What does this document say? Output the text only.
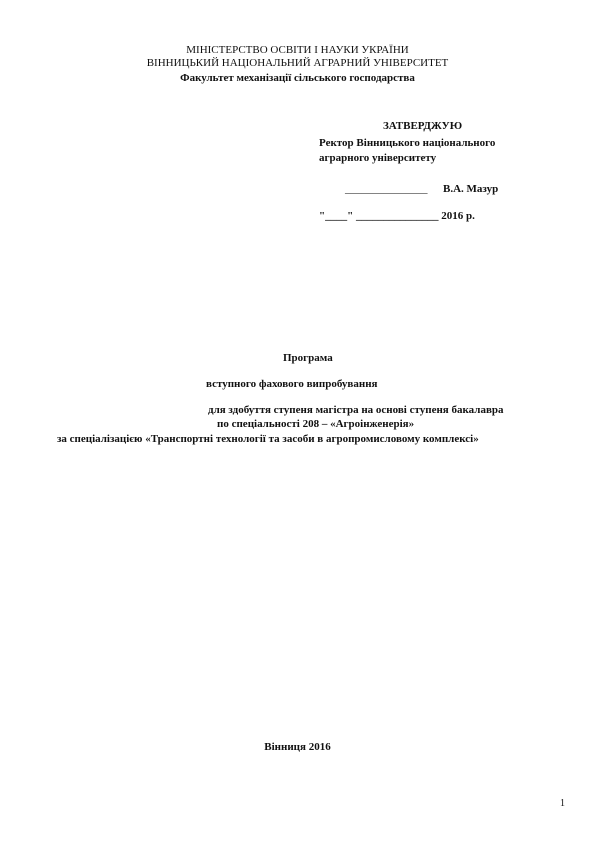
МІНІСТЕРСТВО ОСВІТИ І НАУКИ УКРАЇНИ
ВІННИЦЬКИЙ НАЦІОНАЛЬНИЙ АГРАРНИЙ УНІВЕРСИТЕТ
Факультет механізації сільського господарства
ЗАТВЕРДЖУЮ
Ректор Вінницького національного
аграрного університету
_______________ В.А. Мазур
"____" _______________ 2016 р.
Програма
вступного фахового випробування
для здобуття ступеня магістра на основі ступеня бакалавра
по спеціальності 208 – «Агроінженерія»
за спеціалізацією «Транспортні технології та засоби в агропромисловому комплексі»
Вінниця 2016
1
